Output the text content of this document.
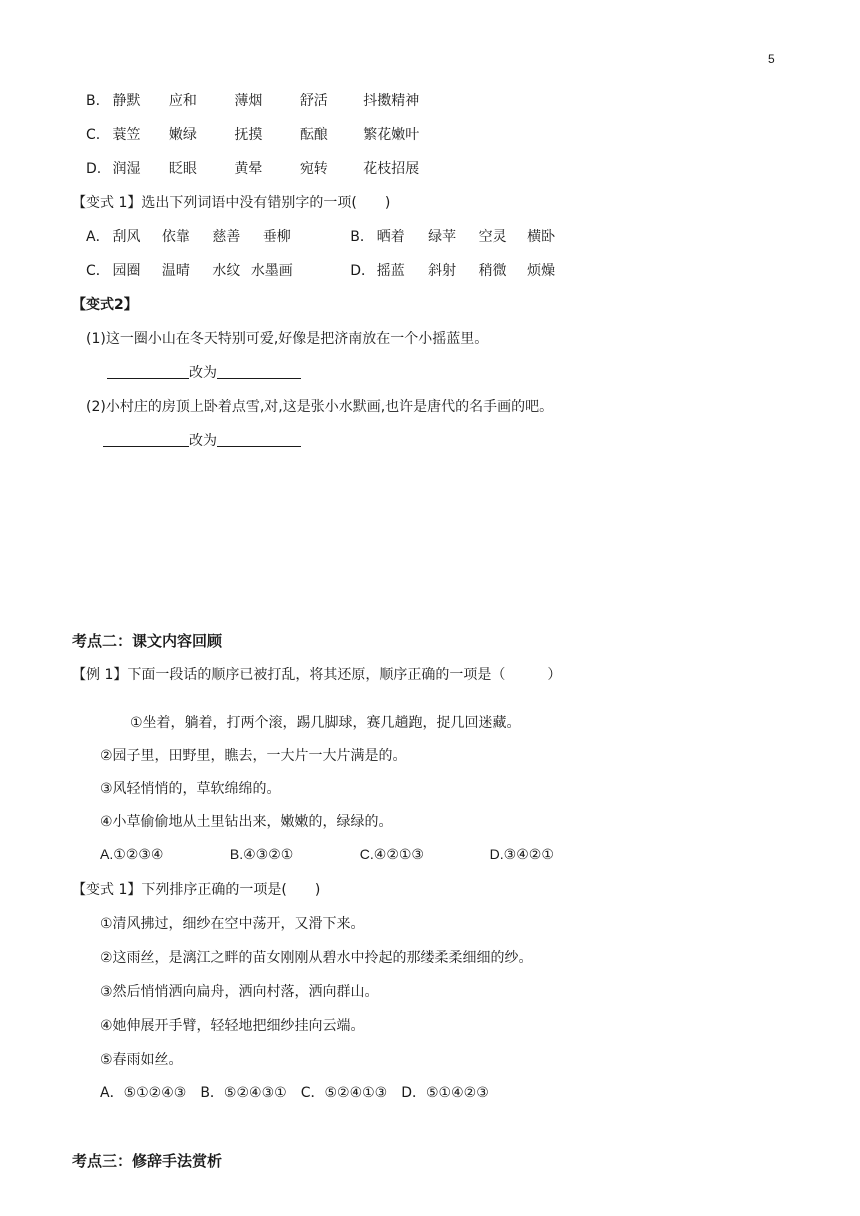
5
B. 静默 应和	薄烟	舒活	抖擞精神
C. 蓑笠 嫩绿	抚摸	酝酿	繁花嫩叶
D. 润湿 眨眼	黄晕	宛转	花枝招展
【变式 1】选出下列词语中没有错别字的一项(　　)
A． 刮风 依靠 慈善 垂柳	B． 晒着 绿苹 空灵 横卧
C． 园圈 温晴 水纹 水墨画	D． 摇蓝 斜射 稍微 烦燥
【变式2】
(1)这一圈小山在冬天特别可爱,好像是把济南放在一个小摇蓝里。
改为
(2)小村庄的房顶上卧着点雪,对,这是张小水默画,也许是唐代的名手画的吧。
改为
考点二：课文内容回顾
【例 1】下面一段话的顺序已被打乱，将其还原，顺序正确的一项是（　　　）
①坐着，躺着，打两个滚，踢几脚球，赛几趟跑，捉几回迷藏。
②园子里，田野里，瞧去，一大片一大片满是的。
③风轻悄悄的，草软绵绵的。
④小草偷偷地从土里钻出来，嫩嫩的，绿绿的。
A.①②③④	B.④③②①	C.④②①③	D.③④②①
【变式 1】下列排序正确的一项是(　　)
①清风拂过，细纱在空中荡开，又滑下来。
②这雨丝，是漓江之畔的苗女刚刚从碧水中拎起的那缕柔柔细细的纱。
③然后悄悄洒向扁舟，洒向村落，洒向群山。
④她伸展开手臂，轻轻地把细纱挂向云端。
⑤春雨如丝。
A．⑤①②④③　B．⑤②④③①　C．⑤②④①③　D．⑤①④②③
考点三：修辞手法赏析
